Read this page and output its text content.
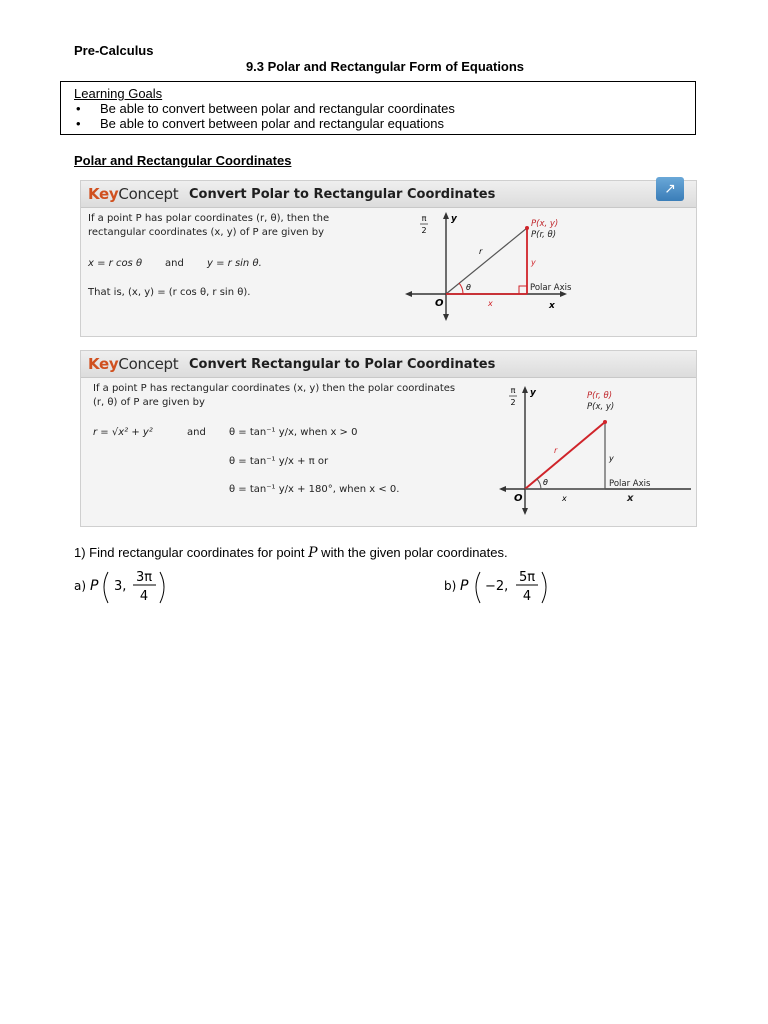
Pre-Calculus
9.3 Polar and Rectangular Form of Equations
Learning Goals
• Be able to convert between polar and rectangular coordinates
• Be able to convert between polar and rectangular equations
Polar and Rectangular Coordinates
KeyConcept Convert Polar to Rectangular Coordinates	↗
If a point P has polar coordinates (r, θ), then the
rectangular coordinates (x, y) of P are given by
x = r cos θ and y = r sin θ.
That is, (x, y) = (r cos θ, r sin θ).
π
2
y
x
O
P(x, y)
P(r, θ)
r
θ
x
y
Polar Axis
KeyConcept Convert Rectangular to Polar Coordinates
If a point P has rectangular coordinates (x, y) then the polar coordinates
(r, θ) of P are given by
r = √x² + y²	and θ = tan⁻¹ y/x, when x > 0
θ = tan⁻¹ y/x + π or
θ = tan⁻¹ y/x + 180°, when x < 0.
π
2
y
O
P(r, θ)
P(x, y)
r
θ
x
y
Polar Axis
x
1) Find rectangular coordinates for point P with the given polar coordinates.
a) P 3,
3π
4
b) P −2,
5π
4
